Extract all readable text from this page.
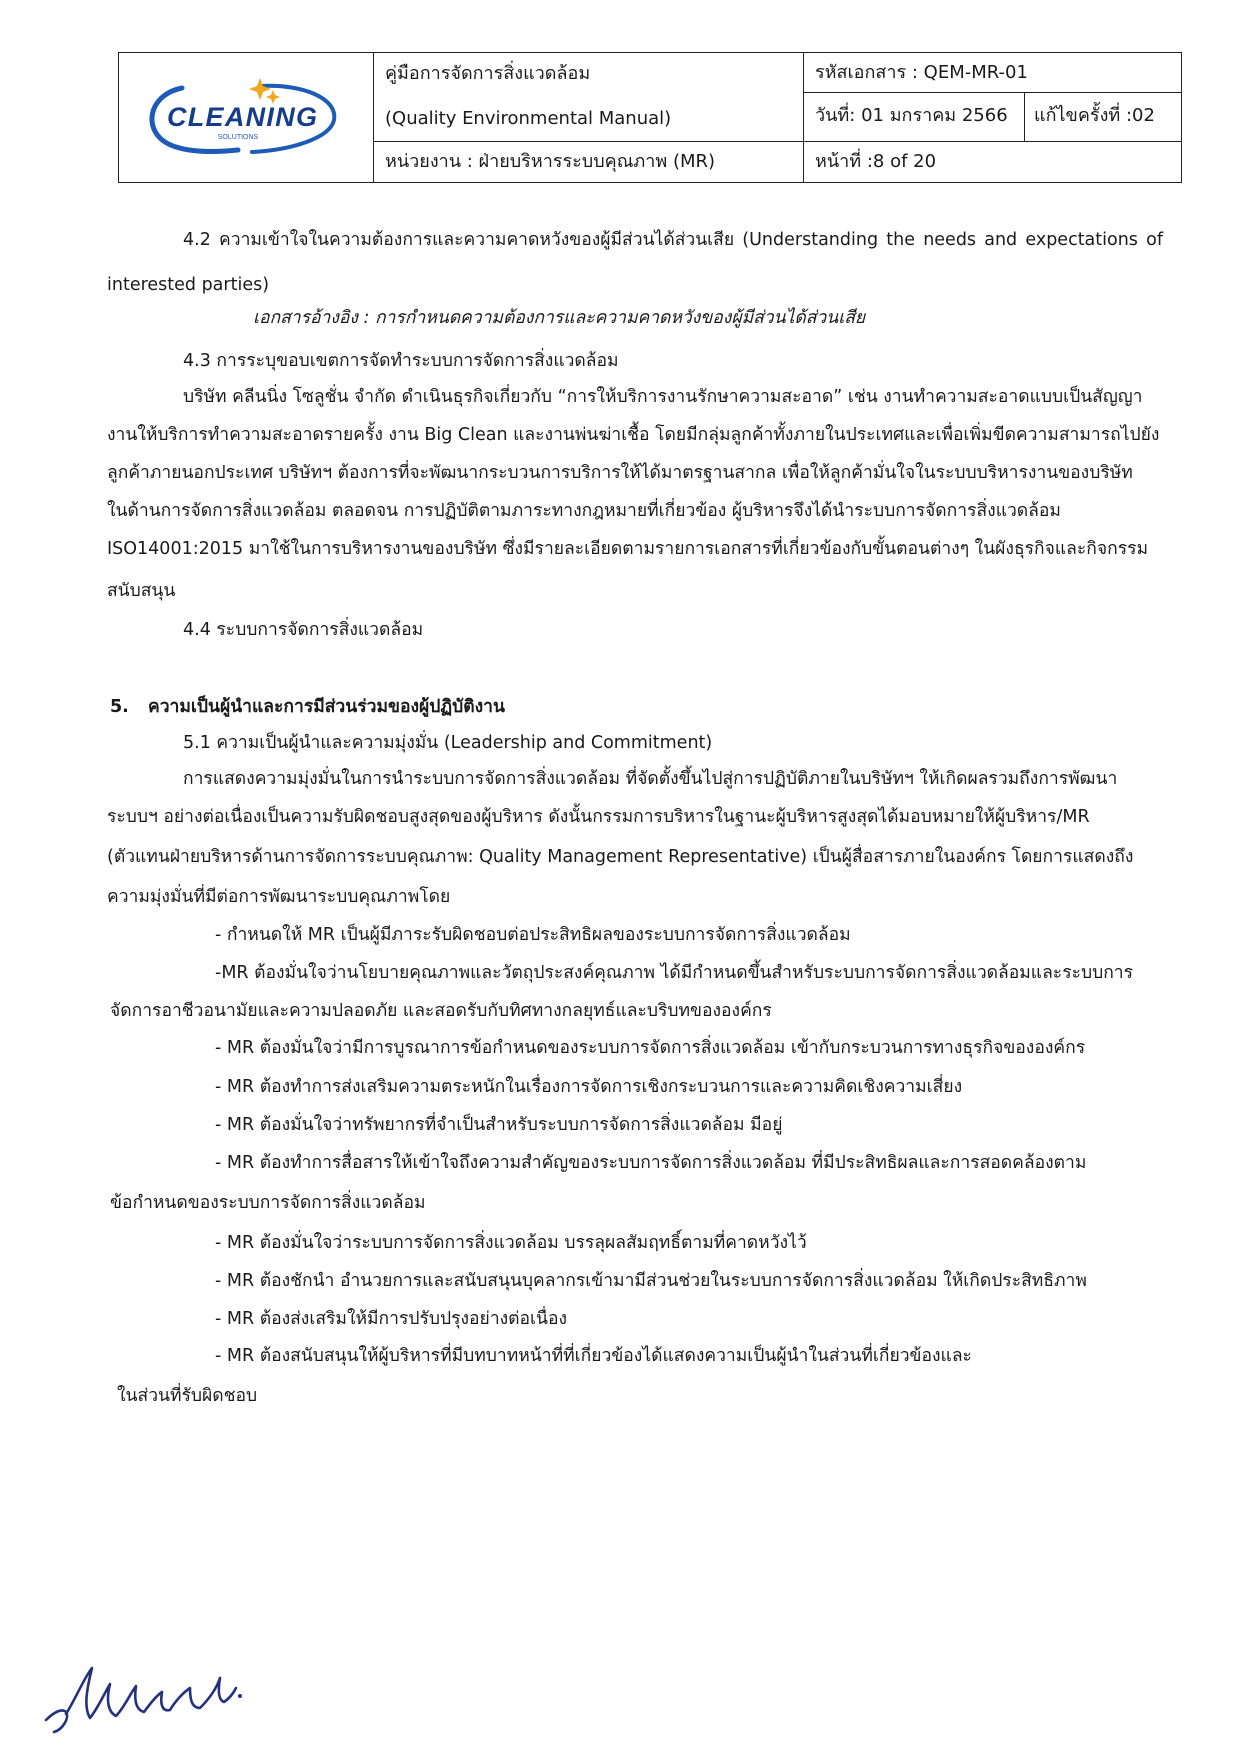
คู่มือการจัดการสิ่งแวดล้อม
(Quality Environmental Manual)
หน่วยงาน : ฝ่ายบริหารระบบคุณภาพ (MR)
รหัสเอกสาร : QEM-MR-01
วันที่: 01 มกราคม 2566 แก้ไขครั้งที่ :02
หน้าที่ :8 of 20
CLEANING
SOLUTIONS
4.2 ความเข้าใจในความต้องการและความคาดหวังของผู้มีส่วนได้ส่วนเสีย (Understanding the needs and expectations of
interested parties)
เอกสารอ้างอิง : การกำหนดความต้องการและความคาดหวังของผู้มีส่วนได้ส่วนเสีย
4.3 การระบุขอบเขตการจัดทำระบบการจัดการสิ่งแวดล้อม
บริษัท คลีนนิ่ง โซลูชั่น จำกัด ดำเนินธุรกิจเกี่ยวกับ “การให้บริการงานรักษาความสะอาด” เช่น งานทำความสะอาดแบบเป็นสัญญา
งานให้บริการทำความสะอาดรายครั้ง งาน Big Clean และงานพ่นฆ่าเชื้อ โดยมีกลุ่มลูกค้าทั้งภายในประเทศและเพื่อเพิ่มขีดความสามารถไปยัง
ลูกค้าภายนอกประเทศ บริษัทฯ ต้องการที่จะพัฒนากระบวนการบริการให้ได้มาตรฐานสากล เพื่อให้ลูกค้ามั่นใจในระบบบริหารงานของบริษัท
ในด้านการจัดการสิ่งแวดล้อม ตลอดจน การปฏิบัติตามภาระทางกฎหมายที่เกี่ยวข้อง ผู้บริหารจึงได้นำระบบการจัดการสิ่งแวดล้อม
ISO14001:2015 มาใช้ในการบริหารงานของบริษัท ซึ่งมีรายละเอียดตามรายการเอกสารที่เกี่ยวข้องกับขั้นตอนต่างๆ ในผังธุรกิจและกิจกรรม
สนับสนุน
4.4 ระบบการจัดการสิ่งแวดล้อม
5. ความเป็นผู้นำและการมีส่วนร่วมของผู้ปฏิบัติงาน
5.1 ความเป็นผู้นำและความมุ่งมั่น (Leadership and Commitment)
การแสดงความมุ่งมั่นในการนำระบบการจัดการสิ่งแวดล้อม ที่จัดตั้งขึ้นไปสู่การปฏิบัติภายในบริษัทฯ ให้เกิดผลรวมถึงการพัฒนา
ระบบฯ อย่างต่อเนื่องเป็นความรับผิดชอบสูงสุดของผู้บริหาร ดังนั้นกรรมการบริหารในฐานะผู้บริหารสูงสุดได้มอบหมายให้ผู้บริหาร/MR
(ตัวแทนฝ่ายบริหารด้านการจัดการระบบคุณภาพ: Quality Management Representative) เป็นผู้สื่อสารภายในองค์กร โดยการแสดงถึง
ความมุ่งมั่นที่มีต่อการพัฒนาระบบคุณภาพโดย
- กำหนดให้ MR เป็นผู้มีภาระรับผิดชอบต่อประสิทธิผลของระบบการจัดการสิ่งแวดล้อม
-MR ต้องมั่นใจว่านโยบายคุณภาพและวัตถุประสงค์คุณภาพ ได้มีกำหนดขึ้นสำหรับระบบการจัดการสิ่งแวดล้อมและระบบการ
จัดการอาชีวอนามัยและความปลอดภัย และสอดรับกับทิศทางกลยุทธ์และบริบทขององค์กร
- MR ต้องมั่นใจว่ามีการบูรณาการข้อกำหนดของระบบการจัดการสิ่งแวดล้อม เข้ากับกระบวนการทางธุรกิจขององค์กร
- MR ต้องทำการส่งเสริมความตระหนักในเรื่องการจัดการเชิงกระบวนการและความคิดเชิงความเสี่ยง
- MR ต้องมั่นใจว่าทรัพยากรที่จำเป็นสำหรับระบบการจัดการสิ่งแวดล้อม มีอยู่
- MR ต้องทำการสื่อสารให้เข้าใจถึงความสำคัญของระบบการจัดการสิ่งแวดล้อม ที่มีประสิทธิผลและการสอดคล้องตาม
ข้อกำหนดของระบบการจัดการสิ่งแวดล้อม
- MR ต้องมั่นใจว่าระบบการจัดการสิ่งแวดล้อม บรรลุผลสัมฤทธิ์ตามที่คาดหวังไว้
- MR ต้องชักนำ อำนวยการและสนับสนุนบุคลากรเข้ามามีส่วนช่วยในระบบการจัดการสิ่งแวดล้อม ให้เกิดประสิทธิภาพ
- MR ต้องส่งเสริมให้มีการปรับปรุงอย่างต่อเนื่อง
- MR ต้องสนับสนุนให้ผู้บริหารที่มีบทบาทหน้าที่ที่เกี่ยวข้องได้แสดงความเป็นผู้นำในส่วนที่เกี่ยวข้องและ
ในส่วนที่รับผิดชอบ
